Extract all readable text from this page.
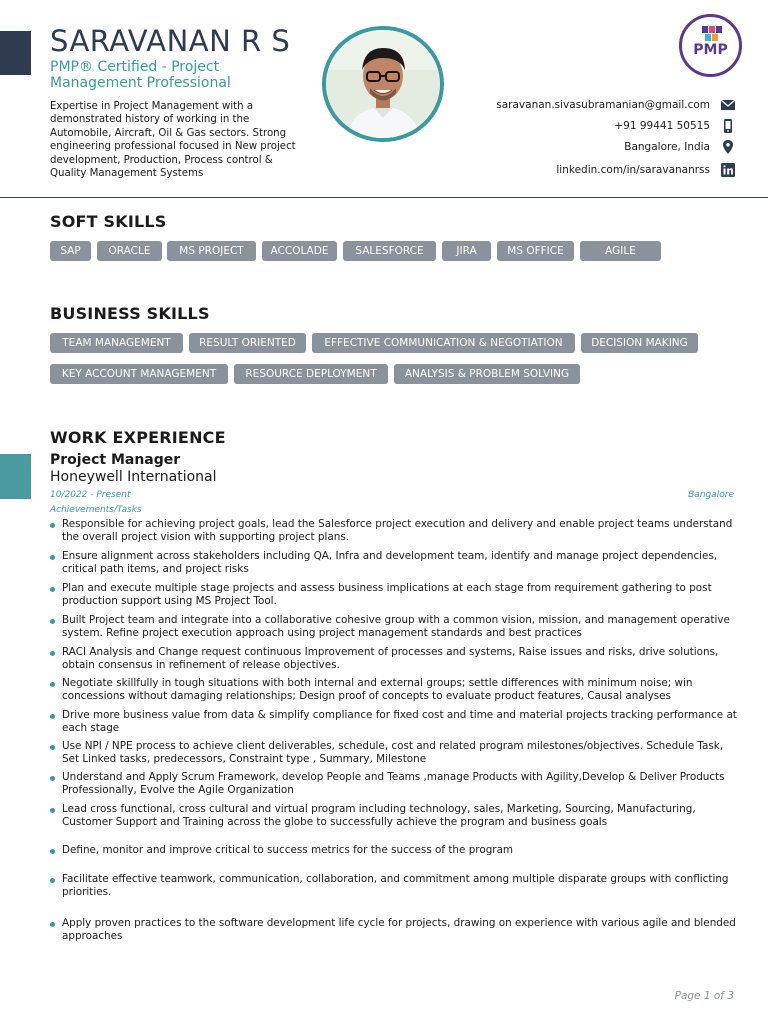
SARAVANAN R S
PMP® Certified - Project Management Professional
Expertise in Project Management with a demonstrated history of working in the Automobile, Aircraft, Oil & Gas sectors. Strong engineering professional focused in New project development, Production, Process control & Quality Management Systems
PMP
saravanan.sivasubramanian@gmail.com
+91 99441 50515
Bangalore, India
linkedin.com/in/saravananrss
SOFT SKILLS
SAP	ORACLE	MS PROJECT	ACCOLADE	SALESFORCE	JIRA	MS OFFICE	AGILE
BUSINESS SKILLS
TEAM MANAGEMENT	RESULT ORIENTED	EFFECTIVE COMMUNICATION & NEGOTIATION	DECISION MAKING
KEY ACCOUNT MANAGEMENT	RESOURCE DEPLOYMENT	ANALYSIS & PROBLEM SOLVING
WORK EXPERIENCE
Project Manager
Honeywell International
10/2022 - Present	Bangalore
Achievements/Tasks
Responsible for achieving project goals, lead the Salesforce project execution and delivery and enable project teams understand the overall project vision with supporting project plans.
Ensure alignment across stakeholders including QA, Infra and development team, identify and manage project dependencies, critical path items, and project risks
Plan and execute multiple stage projects and assess business implications at each stage from requirement gathering to post production support using MS Project Tool.
Built Project team and integrate into a collaborative cohesive group with a common vision, mission, and management operative system. Refine project execution approach using project management standards and best practices
RACI Analysis and Change request continuous Improvement of processes and systems, Raise issues and risks, drive solutions, obtain consensus in refinement of release objectives.
Negotiate skillfully in tough situations with both internal and external groups; settle differences with minimum noise; win concessions without damaging relationships; Design proof of concepts to evaluate product features, Causal analyses
Drive more business value from data & simplify compliance for fixed cost and time and material projects tracking performance at each stage
Use NPI / NPE process to achieve client deliverables, schedule, cost and related program milestones/objectives. Schedule Task, Set Linked tasks, predecessors, Constraint type , Summary, Milestone
Understand and Apply Scrum Framework, develop People and Teams ,manage Products with Agility,Develop & Deliver Products Professionally, Evolve the Agile Organization
Lead cross functional, cross cultural and virtual program including technology, sales, Marketing, Sourcing, Manufacturing, Customer Support and Training across the globe to successfully achieve the program and business goals
Define, monitor and improve critical to success metrics for the success of the program
Facilitate effective teamwork, communication, collaboration, and commitment among multiple disparate groups with conflicting priorities.
Apply proven practices to the software development life cycle for projects, drawing on experience with various agile and blended approaches
Page 1 of 3
